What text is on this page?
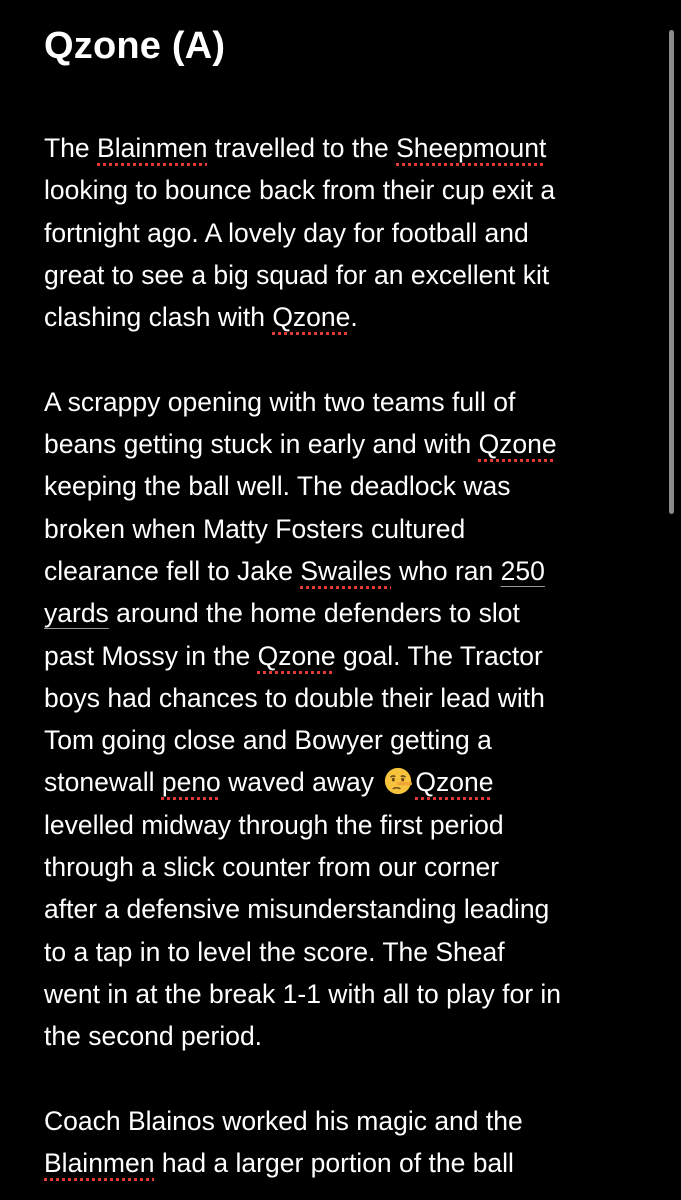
Qzone (A)

The Blainmen travelled to the Sheepmount
looking to bounce back from their cup exit a
fortnight ago. A lovely day for football and
great to see a big squad for an excellent kit
clashing clash with Qzone.

A scrappy opening with two teams full of
beans getting stuck in early and with Qzone
keeping the ball well. The deadlock was
broken when Matty Fosters cultured
clearance fell to Jake Swailes who ran 250
yards around the home defenders to slot
past Mossy in the Qzone goal. The Tractor
boys had chances to double their lead with
Tom going close and Bowyer getting a
stonewall peno waved away Qzone
levelled midway through the first period
through a slick counter from our corner
after a defensive misunderstanding leading
to a tap in to level the score. The Sheaf
went in at the break 1-1 with all to play for in
the second period.

Coach Blainos worked his magic and the
Blainmen had a larger portion of the ball
